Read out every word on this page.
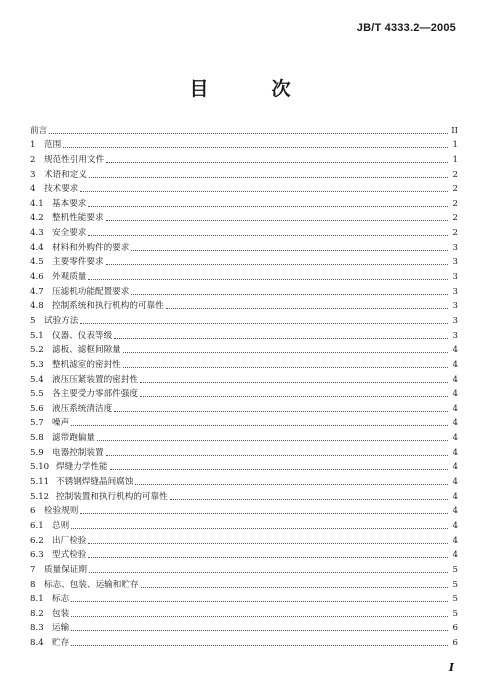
JB/T 4333.2—2005
目　次
前言	II
1 范围	1
2 规范性引用文件	1
3 术语和定义	2
4 技术要求	2
4.1 基本要求	2
4.2 整机性能要求	2
4.3 安全要求	2
4.4 材料和外购件的要求	3
4.5 主要零件要求	3
4.6 外观质量	3
4.7 压滤机功能配置要求	3
4.8 控制系统和执行机构的可靠性	3
5 试验方法	3
5.1 仪器、仪表等级	3
5.2 滤板、滤框间隙量	4
5.3 整机滤室的密封性	4
5.4 液压压紧装置的密封性	4
5.5 各主要受力零部件强度	4
5.6 液压系统清洁度	4
5.7 噪声	4
5.8 滤带跑偏量	4
5.9 电器控制装置	4
5.10 焊缝力学性能	4
5.11 不锈钢焊缝晶间腐蚀	4
5.12 控制装置和执行机构的可靠性	4
6 检验规则	4
6.1 总则	4
6.2 出厂检验	4
6.3 型式检验	4
7 质量保证期	5
8 标志、包装、运输和贮存	5
8.1 标志	5
8.2 包装	5
8.3 运输	6
8.4 贮存	6
I
